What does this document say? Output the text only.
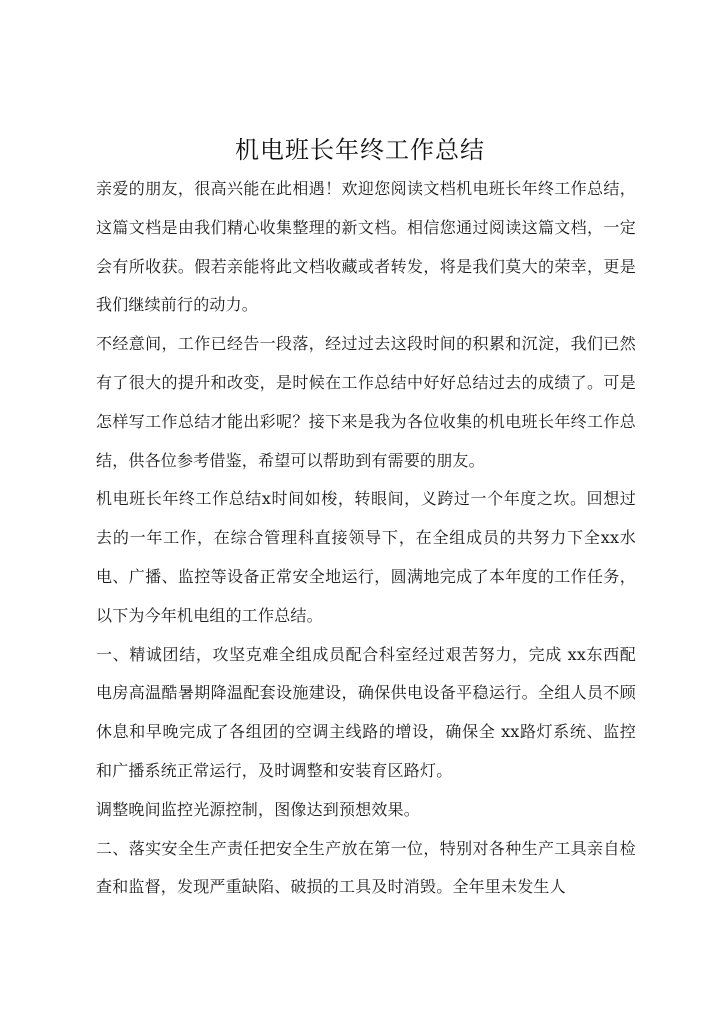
机电班长年终工作总结

亲爱的朋友，很高兴能在此相遇！欢迎您阅读文档机电班长年终工作总结，这篇文档是由我们精心收集整理的新文档。相信您通过阅读这篇文档，一定会有所收获。假若亲能将此文档收藏或者转发，将是我们莫大的荣幸，更是我们继续前行的动力。

不经意间，工作已经告一段落，经过过去这段时间的积累和沉淀，我们已然有了很大的提升和改变，是时候在工作总结中好好总结过去的成绩了。可是怎样写工作总结才能出彩呢？接下来是我为各位收集的机电班长年终工作总结，供各位参考借鉴，希望可以帮助到有需要的朋友。

机电班长年终工作总结x时间如梭，转眼间，义跨过一个年度之坎。回想过去的一年工作，在综合管理科直接领导下，在全组成员的共努力下全xx水电、广播、监控等设备正常安全地运行，圆满地完成了本年度的工作任务，以下为今年机电组的工作总结。

一、精诚团结，攻坚克难全组成员配合科室经过艰苦努力，完成 xx东西配电房高温酷暑期降温配套设施建设，确保供电设备平稳运行。全组人员不顾休息和早晚完成了各组团的空调主线路的增设，确保全 xx路灯系统、监控和广播系统正常运行，及时调整和安装育区路灯。

调整晚间监控光源控制，图像达到预想效果。

二、落实安全生产责任把安全生产放在第一位，特别对各种生产工具亲自检查和监督，发现严重缺陷、破损的工具及时消毁。全年里未发生人
